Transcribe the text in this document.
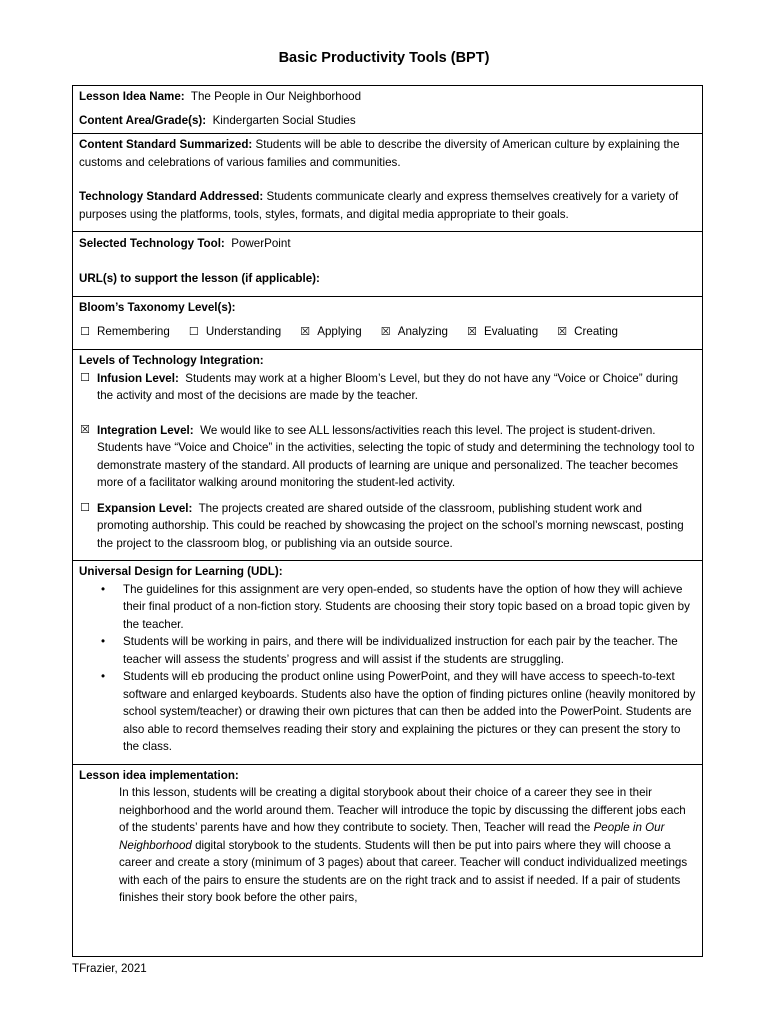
Basic Productivity Tools (BPT)

Lesson Idea Name: The People in Our Neighborhood

Content Area/Grade(s): Kindergarten Social Studies

Content Standard Summarized: Students will be able to describe the diversity of American culture by explaining the customs and celebrations of various families and communities.

Technology Standard Addressed: Students communicate clearly and express themselves creatively for a variety of purposes using the platforms, tools, styles, formats, and digital media appropriate to their goals.

Selected Technology Tool: PowerPoint

URL(s) to support the lesson (if applicable):

Bloom’s Taxonomy Level(s):

☐ Remembering ☐ Understanding ☒ Applying ☒ Analyzing ☒ Evaluating ☒ Creating

Levels of Technology Integration:

☐ Infusion Level: Students may work at a higher Bloom’s Level, but they do not have any “Voice or Choice” during the activity and most of the decisions are made by the teacher.
☒ Integration Level: We would like to see ALL lessons/activities reach this level. The project is student-driven. Students have “Voice and Choice” in the activities, selecting the topic of study and determining the technology tool to demonstrate mastery of the standard. All products of learning are unique and personalized. The teacher becomes more of a facilitator walking around monitoring the student-led activity.
☐ Expansion Level: The projects created are shared outside of the classroom, publishing student work and promoting authorship. This could be reached by showcasing the project on the school’s morning newscast, posting the project to the classroom blog, or publishing via an outside source.

Universal Design for Learning (UDL):

• The guidelines for this assignment are very open-ended, so students have the option of how they will achieve their final product of a non-fiction story. Students are choosing their story topic based on a broad topic given by the teacher.
• Students will be working in pairs, and there will be individualized instruction for each pair by the teacher. The teacher will assess the students’ progress and will assist if the students are struggling.
• Students will eb producing the product online using PowerPoint, and they will have access to speech-to-text software and enlarged keyboards. Students also have the option of finding pictures online (heavily monitored by school system/teacher) or drawing their own pictures that can then be added into the PowerPoint. Students are also able to record themselves reading their story and explaining the pictures or they can present the story to the class.

Lesson idea implementation:

In this lesson, students will be creating a digital storybook about their choice of a career they see in their neighborhood and the world around them. Teacher will introduce the topic by discussing the different jobs each of the students’ parents have and how they contribute to society. Then, Teacher will read the People in Our Neighborhood digital storybook to the students. Students will then be put into pairs where they will choose a career and create a story (minimum of 3 pages) about that career. Teacher will conduct individualized meetings with each of the pairs to ensure the students are on the right track and to assist if needed. If a pair of students finishes their story book before the other pairs,

TFrazier, 2021
